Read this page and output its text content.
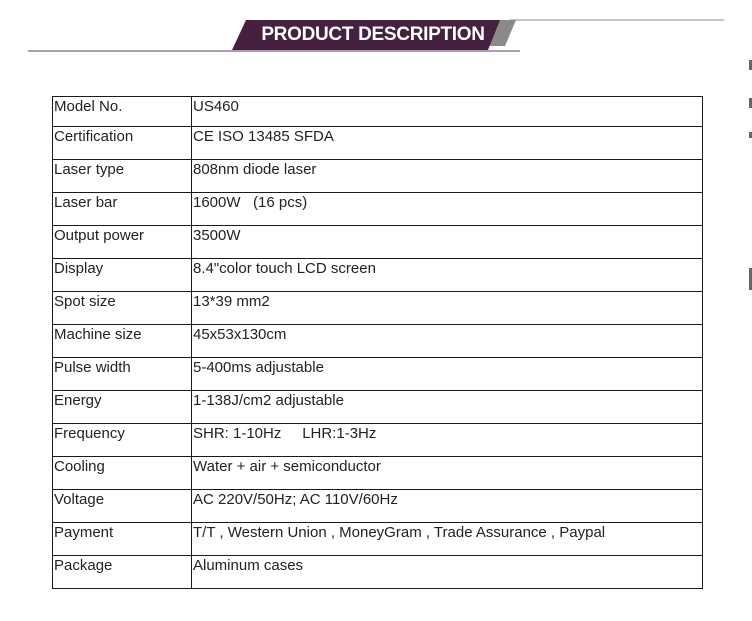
PRODUCT DESCRIPTION
Model No.	US460
Certification	CE ISO 13485 SFDA
Laser type	808nm diode laser
Laser bar	1600W   (16 pcs)
Output power	3500W
Display	8.4"color touch LCD screen
Spot size	13*39 mm2
Machine size	45x53x130cm
Pulse width	5-400ms adjustable
Energy	1-138J/cm2 adjustable
Frequency	SHR: 1-10Hz     LHR:1-3Hz
Cooling	Water + air + semiconductor
Voltage	AC 220V/50Hz; AC 110V/60Hz
Payment	T/T , Western Union , MoneyGram , Trade Assurance , Paypal
Package	Aluminum cases
